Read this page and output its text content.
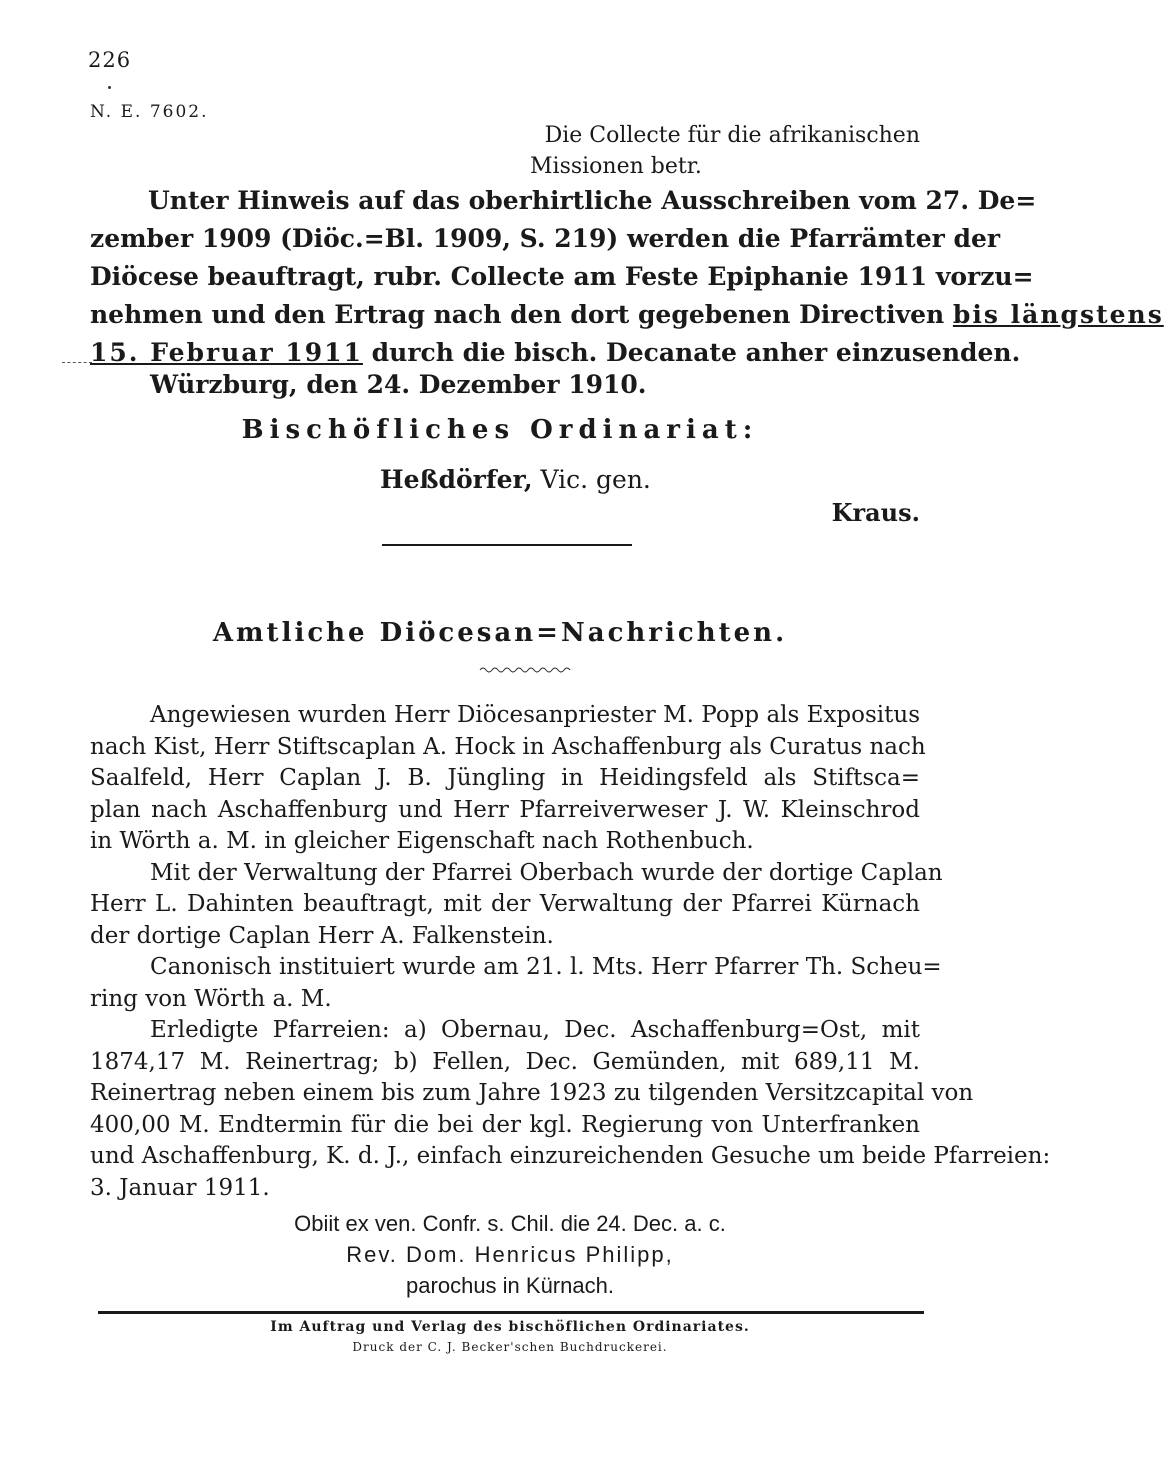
226
N. E. 7602.
Die Collecte für die afrikanischen
Missionen betr.
Unter Hinweis auf das oberhirtliche Ausschreiben vom 27. De=
zember 1909 (Diöc.=Bl. 1909, S. 219) werden die Pfarrämter der
Diöcese beauftragt, rubr. Collecte am Feste Epiphanie 1911 vorzu=
nehmen und den Ertrag nach den dort gegebenen Directiven bis längstens
15. Februar 1911 durch die bisch. Decanate anher einzusenden.
Würzburg, den 24. Dezember 1910.
Bischöfliches Ordinariat:
Heßdörfer, Vic. gen.
Kraus.
Amtliche Diöcesan=Nachrichten.
Angewiesen wurden Herr Diöcesanpriester M. Popp als Expositus
nach Kist, Herr Stiftscaplan A. Hock in Aschaffenburg als Curatus nach
Saalfeld, Herr Caplan J. B. Jüngling in Heidingsfeld als Stiftsca=
plan nach Aschaffenburg und Herr Pfarreiverweser J. W. Kleinschrod
in Wörth a. M. in gleicher Eigenschaft nach Rothenbuch.
Mit der Verwaltung der Pfarrei Oberbach wurde der dortige Caplan
Herr L. Dahinten beauftragt, mit der Verwaltung der Pfarrei Kürnach
der dortige Caplan Herr A. Falkenstein.
Canonisch instituiert wurde am 21. l. Mts. Herr Pfarrer Th. Scheu=
ring von Wörth a. M.
Erledigte Pfarreien: a) Obernau, Dec. Aschaffenburg=Ost, mit
1874,17 M. Reinertrag; b) Fellen, Dec. Gemünden, mit 689,11 M.
Reinertrag neben einem bis zum Jahre 1923 zu tilgenden Versitzcapital von
400,00 M. Endtermin für die bei der kgl. Regierung von Unterfranken
und Aschaffenburg, K. d. J., einfach einzureichenden Gesuche um beide Pfarreien:
3. Januar 1911.
Obiit ex ven. Confr. s. Chil. die 24. Dec. a. c.
Rev. Dom. Henricus Philipp,
parochus in Kürnach.
Im Auftrag und Verlag des bischöflichen Ordinariates.
Druck der C. J. Becker'schen Buchdruckerei.
